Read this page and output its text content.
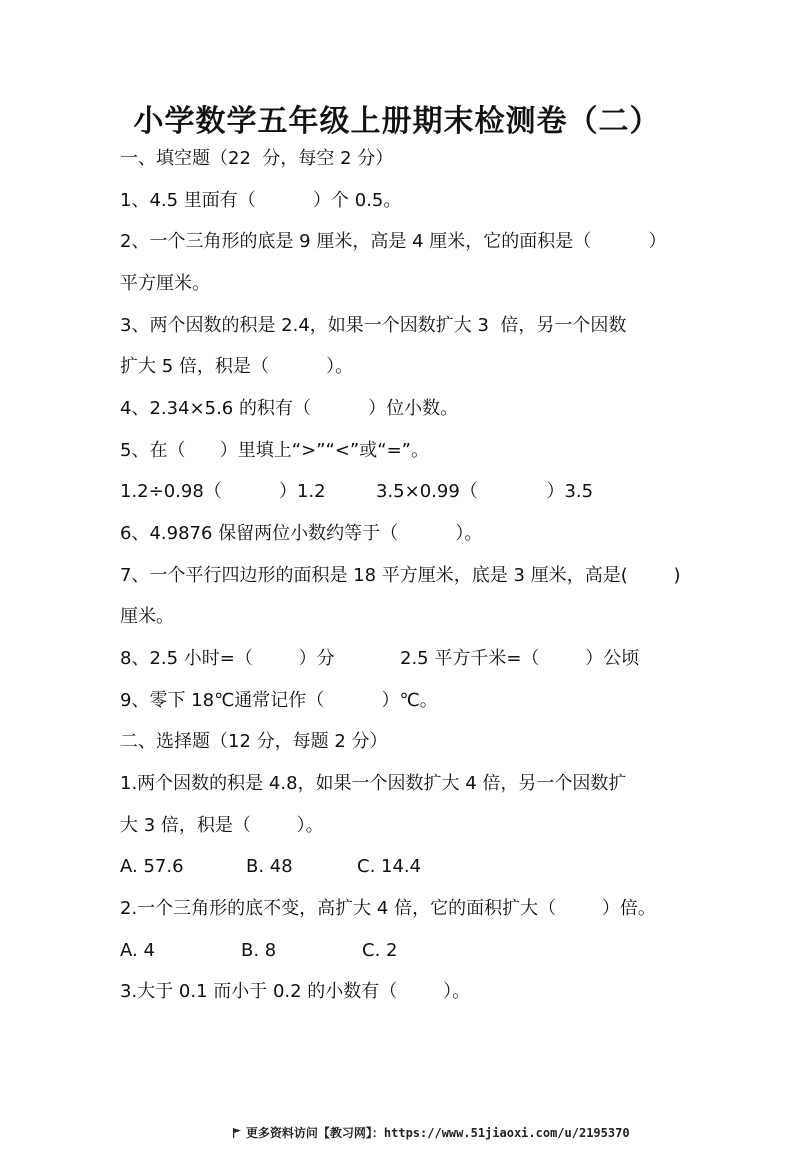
小学数学五年级上册期末检测卷（二）
一、填空题（22  分，每空 2 分）
1、4.5 里面有（          ）个 0.5。
2、一个三角形的底是 9 厘米，高是 4 厘米，它的面积是（          ）
平方厘米。
3、两个因数的积是 2.4，如果一个因数扩大 3  倍，另一个因数
扩大 5 倍，积是（          ）。
4、2.34×5.6 的积有（          ）位小数。
5、在（      ）里填上“>”“<”或“=”。
1.2÷0.98（          ）1.2	3.5×0.99（            ）3.5
6、4.9876 保留两位小数约等于（          ）。
7、一个平行四边形的面积是 18 平方厘米，底是 3 厘米，高是(        )
厘米。
8、2.5 小时=（        ）分	2.5 平方千米=（        ）公顷
9、零下 18℃通常记作（          ）℃。
二、选择题（12 分，每题 2 分）
1.两个因数的积是 4.8，如果一个因数扩大 4 倍，另一个因数扩
大 3 倍，积是（        ）。
A. 57.6	B. 48	C. 14.4
2.一个三角形的底不变，高扩大 4 倍，它的面积扩大（        ）倍。
A. 4	B. 8	C. 2
3.大于 0.1 而小于 0.2 的小数有（        ）。

更多资料访问【教习网】：https://www.51jiaoxi.com/u/2195370
